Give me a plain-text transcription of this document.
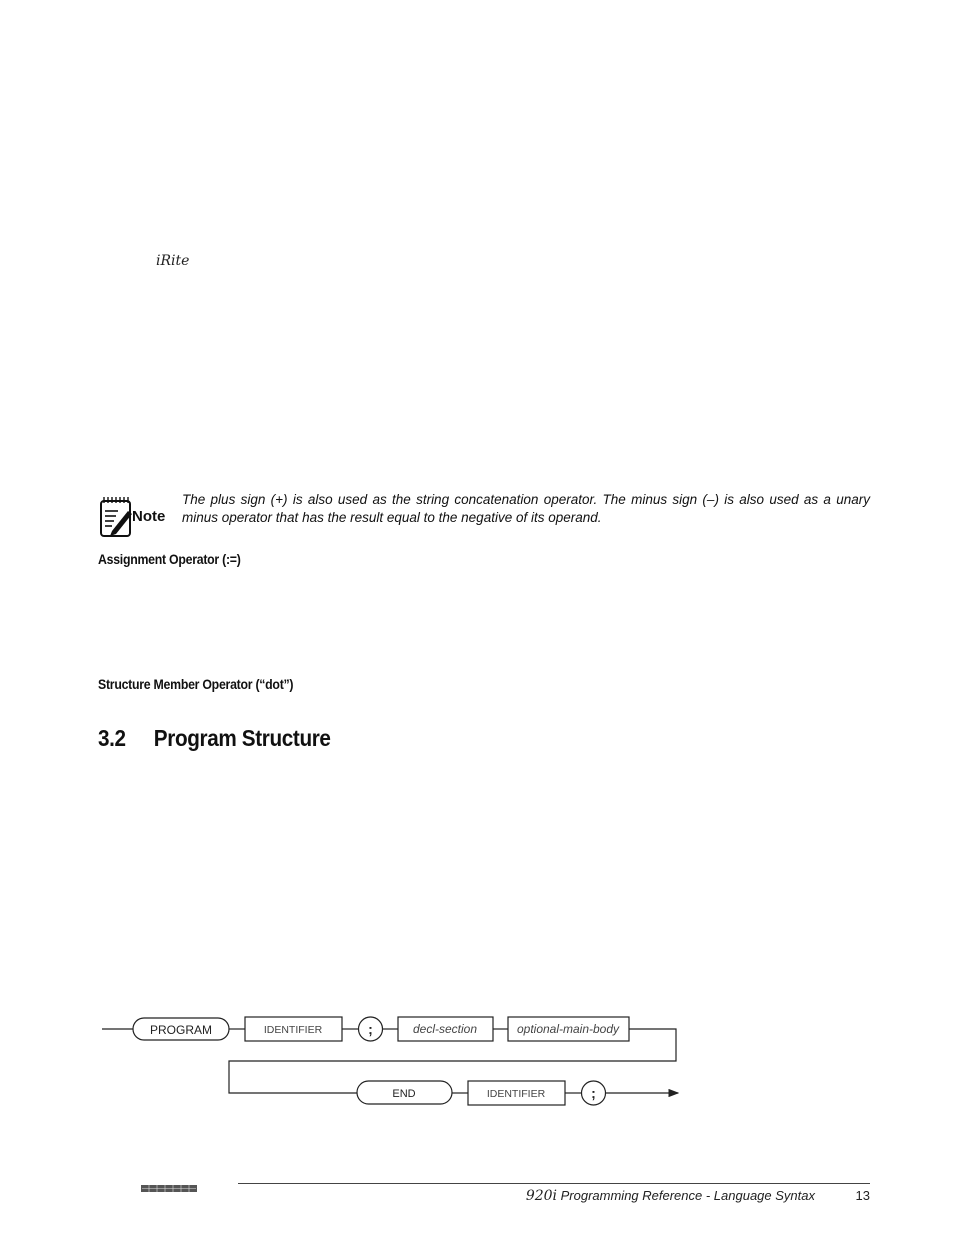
iRite
Note
The plus sign (+) is also used as the string concatenation operator. The minus sign (–) is also used as a unary minus operator that has the result equal to the negative of its operand.
Assignment Operator (:=)
Structure Member Operator (“dot”)
3.2 Program Structure
PROGRAM	IDENTIFIER	;	decl-section	optional-main-body
END	IDENTIFIER	;
920i Programming Reference - Language Syntax	13
